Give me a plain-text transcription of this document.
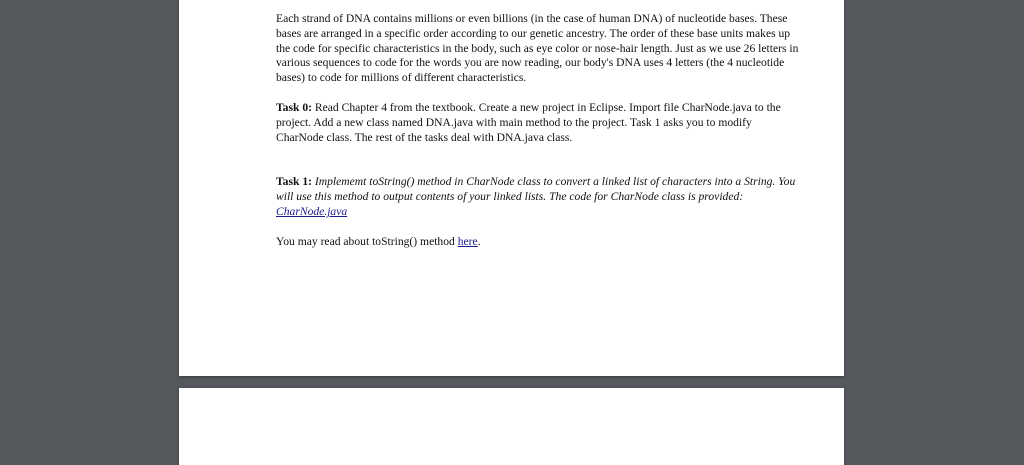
Each strand of DNA contains millions or even billions (in the case of human DNA) of nucleotide bases. These bases are arranged in a specific order according to our genetic ancestry. The order of these base units makes up the code for specific characteristics in the body, such as eye color or nose-hair length. Just as we use 26 letters in various sequences to code for the words you are now reading, our body's DNA uses 4 letters (the 4 nucleotide bases) to code for millions of different characteristics.

Task 0: Read Chapter 4 from the textbook. Create a new project in Eclipse. Import file CharNode.java to the project. Add a new class named DNA.java with main method to the project. Task 1 asks you to modify CharNode class. The rest of the tasks deal with DNA.java class.

Task 1: Implememt toString() method in CharNode class to convert a linked list of characters into a String. You will use this method to output contents of your linked lists. The code for CharNode class is provided: CharNode.java

You may read about toString() method here.
